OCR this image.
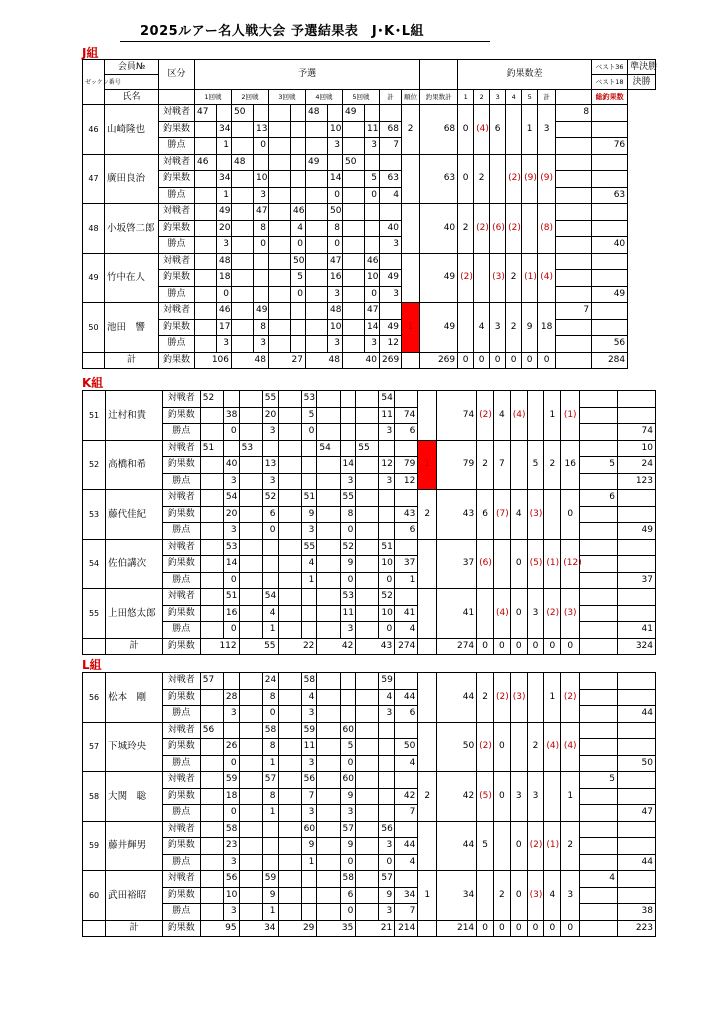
2025ルアー名人戦大会 予選結果表　J･K･L組
J組
ゼッケン番号	会員№	区分	予選													釣果数差							ベスト36	準決勝
																							ベスト18	決勝
	氏名		1回戦		2回戦		3回戦		4回戦		5回戦		計	順位	釣果数計	1	2	3	4	5	計		総釣果数	
46	山崎隆也	対戦者	47		50				48		49			2	68	0	(4)	6		1	3	8		
		釣果数		34		13				10		11	68											
		勝点		1		0				3		3	7										76	
47	廣田良治	対戦者	46		48				49		50				63	0	2		(2)	(9)	(9)			
		釣果数		34		10				14		5	63											
		勝点		1		3				0		0	4										63	
48	小坂啓二郎	対戦者		49		47		46		50					40	2	(2)	(6)	(2)		(8)			
		釣果数		20		8		4		8			40											
		勝点		3		0		0		0			3										40	
49	竹中在人	対戦者		48				50		47		46			49	(2)		(3)	2	(1)	(4)			
		釣果数		18				5		16		10	49											
		勝点		0				0		3		0	3										49	
50	池田　響	対戦者		46		49				48		47		1	49		4	3	2	9	18	7		
		釣果数		17		8				10		14	49											
		勝点		3		3				3		3	12										56	
	計	釣果数	106		48		27		48		40		269		269	0	0	0	0	0	0		284	
K組
51	辻村和貴	対戦者	52			55		53				54			74	(2)	4	(4)		1	(1)		
		釣果数		38		20		5				11	74										
		勝点		0		3		0				3	6										74
52	高橋和希	対戦者	51		53				54		55			1	79	2	7		5	2	16		10
		釣果数		40		13				14		12	79									5	24
		勝点		3		3				3		3	12										123
53	藤代佳紀	対戦者		54		52		51		55				2	43	6	(7)	4	(3)		0	6	
		釣果数		20		6		9		8			43										
		勝点		3		0		3		0			6										49
54	佐伯講次	対戦者		53				55		52		51			37	(6)		0	(5)	(1)	(12)		
		釣果数		14				4		9		10	37										
		勝点		0				1		0		0	1										37
55	上田悠太郎	対戦者		51		54				53		52			41		(4)	0	3	(2)	(3)		
		釣果数		16		4				11		10	41										
		勝点		0		1				3		0	4										41
	計	釣果数	112		55		22		42		43		274		274	0	0	0	0	0	0		324
L組
56	松本　剛	対戦者	57			24		58				59			44	2	(2)	(3)		1	(2)		
		釣果数		28		8		4				4	44										
		勝点		3		0		3				3	6										44
57	下城玲央	対戦者	56			58		59		60					50	(2)	0		2	(4)	(4)		
		釣果数		26		8		11		5			50										
		勝点		0		1		3		0			4										50
58	大関　聡	対戦者		59		57		56		60				2	42	(5)	0	3	3		1	5	
		釣果数		18		8		7		9			42										
		勝点		0		1		3		3			7										47
59	藤井輝男	対戦者		58				60		57		56			44	5		0	(2)	(1)	2		
		釣果数		23				9		9		3	44										
		勝点		3				1		0		0	4										44
60	武田裕昭	対戦者		56		59				58		57		1	34		2	0	(3)	4	3	4	
		釣果数		10		9				6		9	34										
		勝点		3		1				0		3	7										38
	計	釣果数	95		34		29		35		21		214		214	0	0	0	0	0	0		223
